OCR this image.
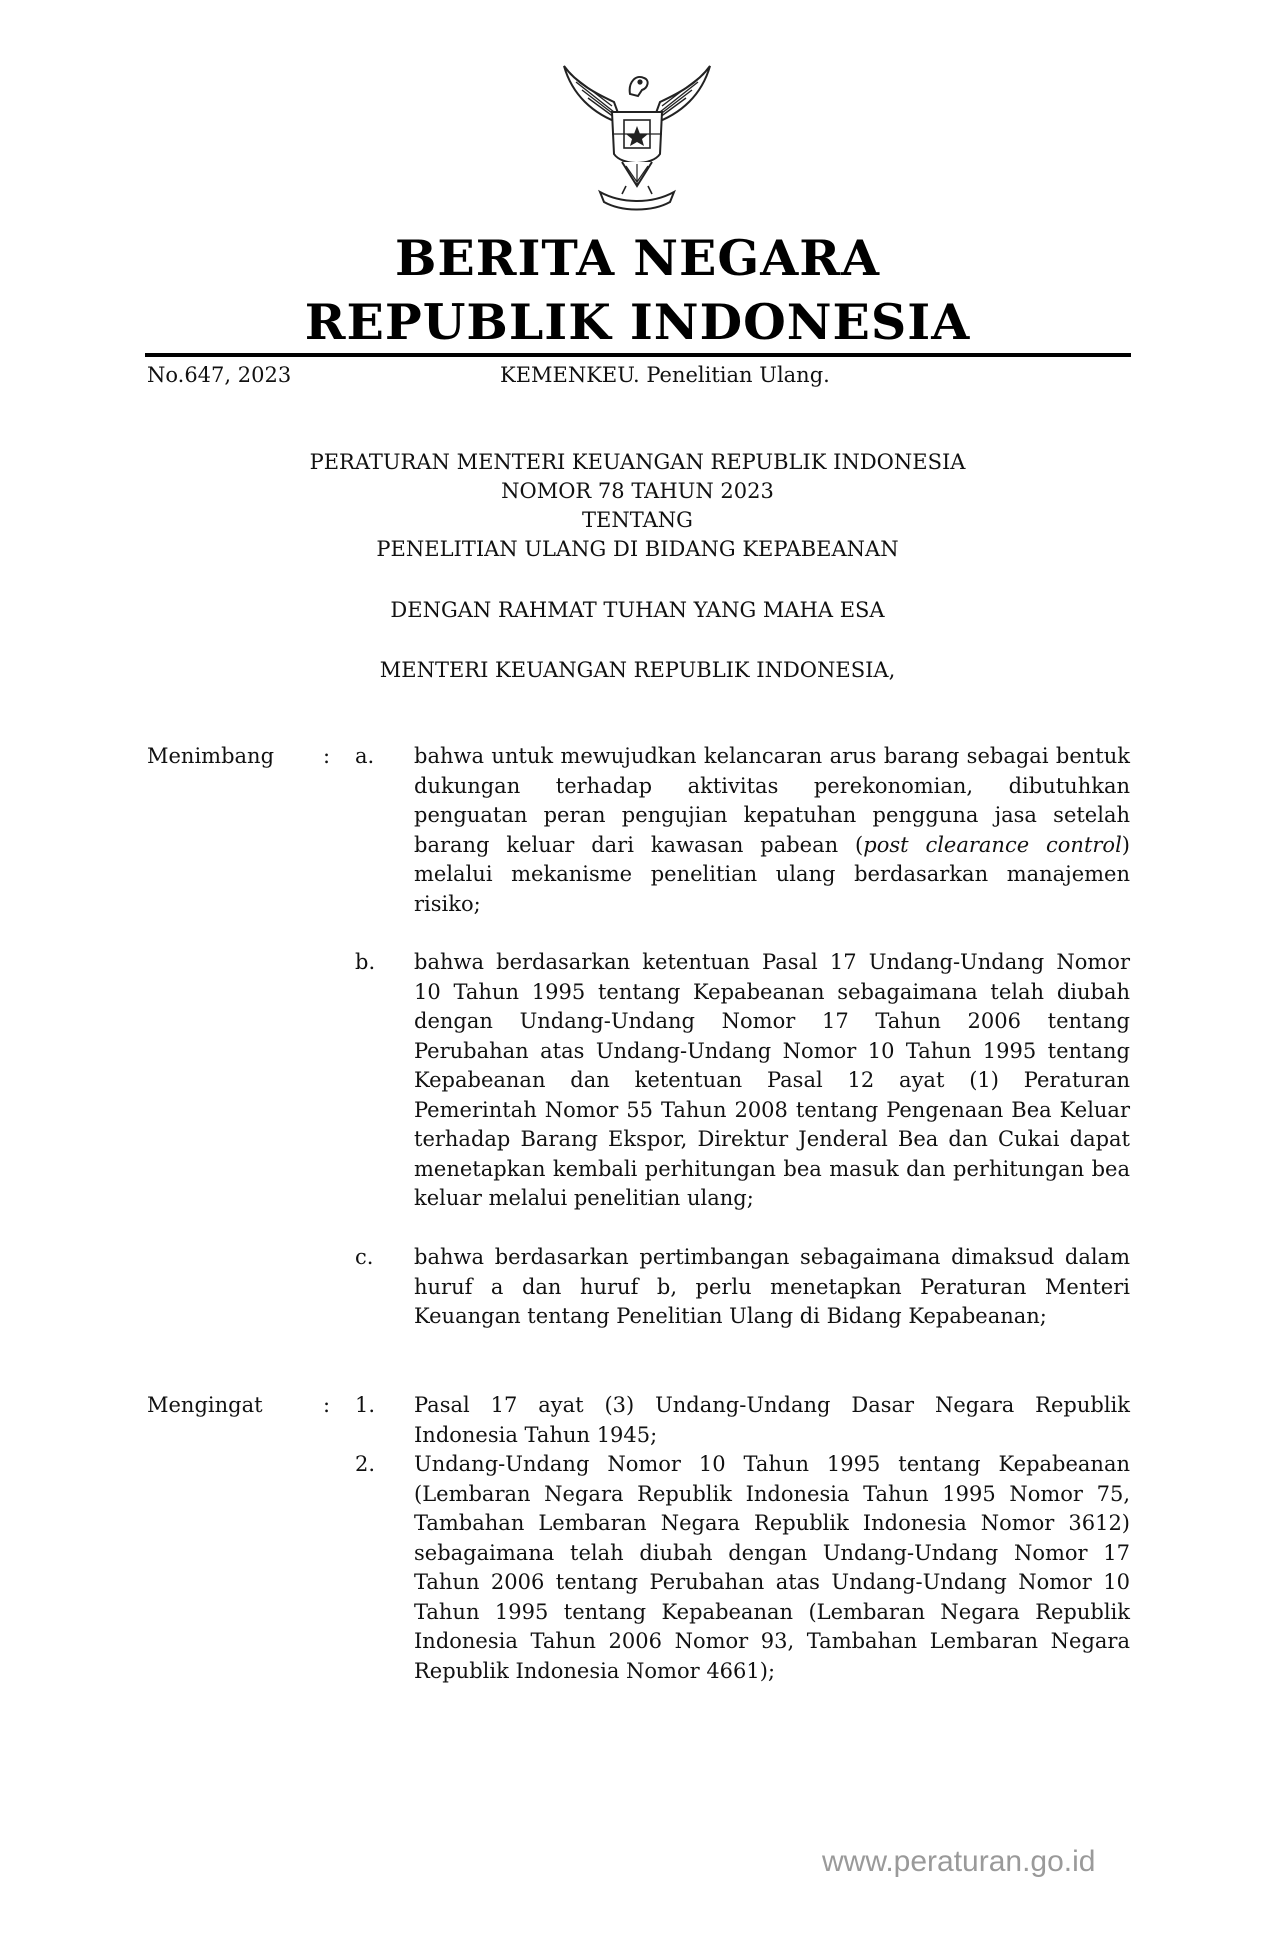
BERITA NEGARA
REPUBLIK INDONESIA
No.647, 2023	KEMENKEU. Penelitian Ulang.
PERATURAN MENTERI KEUANGAN REPUBLIK INDONESIA
NOMOR 78 TAHUN 2023
TENTANG
PENELITIAN ULANG DI BIDANG KEPABEANAN
DENGAN RAHMAT TUHAN YANG MAHA ESA
MENTERI KEUANGAN REPUBLIK INDONESIA,
Menimbang : a. bahwa untuk mewujudkan kelancaran arus barang sebagai bentuk dukungan terhadap aktivitas perekonomian, dibutuhkan penguatan peran pengujian kepatuhan pengguna jasa setelah barang keluar dari kawasan pabean (post clearance control) melalui mekanisme penelitian ulang berdasarkan manajemen risiko;
b. bahwa berdasarkan ketentuan Pasal 17 Undang-Undang Nomor 10 Tahun 1995 tentang Kepabeanan sebagaimana telah diubah dengan Undang-Undang Nomor 17 Tahun 2006 tentang Perubahan atas Undang-Undang Nomor 10 Tahun 1995 tentang Kepabeanan dan ketentuan Pasal 12 ayat (1) Peraturan Pemerintah Nomor 55 Tahun 2008 tentang Pengenaan Bea Keluar terhadap Barang Ekspor, Direktur Jenderal Bea dan Cukai dapat menetapkan kembali perhitungan bea masuk dan perhitungan bea keluar melalui penelitian ulang;
c. bahwa berdasarkan pertimbangan sebagaimana dimaksud dalam huruf a dan huruf b, perlu menetapkan Peraturan Menteri Keuangan tentang Penelitian Ulang di Bidang Kepabeanan;
Mengingat	: 1. Pasal 17 ayat (3) Undang-Undang Dasar Negara Republik Indonesia Tahun 1945;
2. Undang-Undang Nomor 10 Tahun 1995 tentang Kepabeanan (Lembaran Negara Republik Indonesia Tahun 1995 Nomor 75, Tambahan Lembaran Negara Republik Indonesia Nomor 3612) sebagaimana telah diubah dengan Undang-Undang Nomor 17 Tahun 2006 tentang Perubahan atas Undang-Undang Nomor 10 Tahun 1995 tentang Kepabeanan (Lembaran Negara Republik Indonesia Tahun 2006 Nomor 93, Tambahan Lembaran Negara Republik Indonesia Nomor 4661);
www.peraturan.go.id
